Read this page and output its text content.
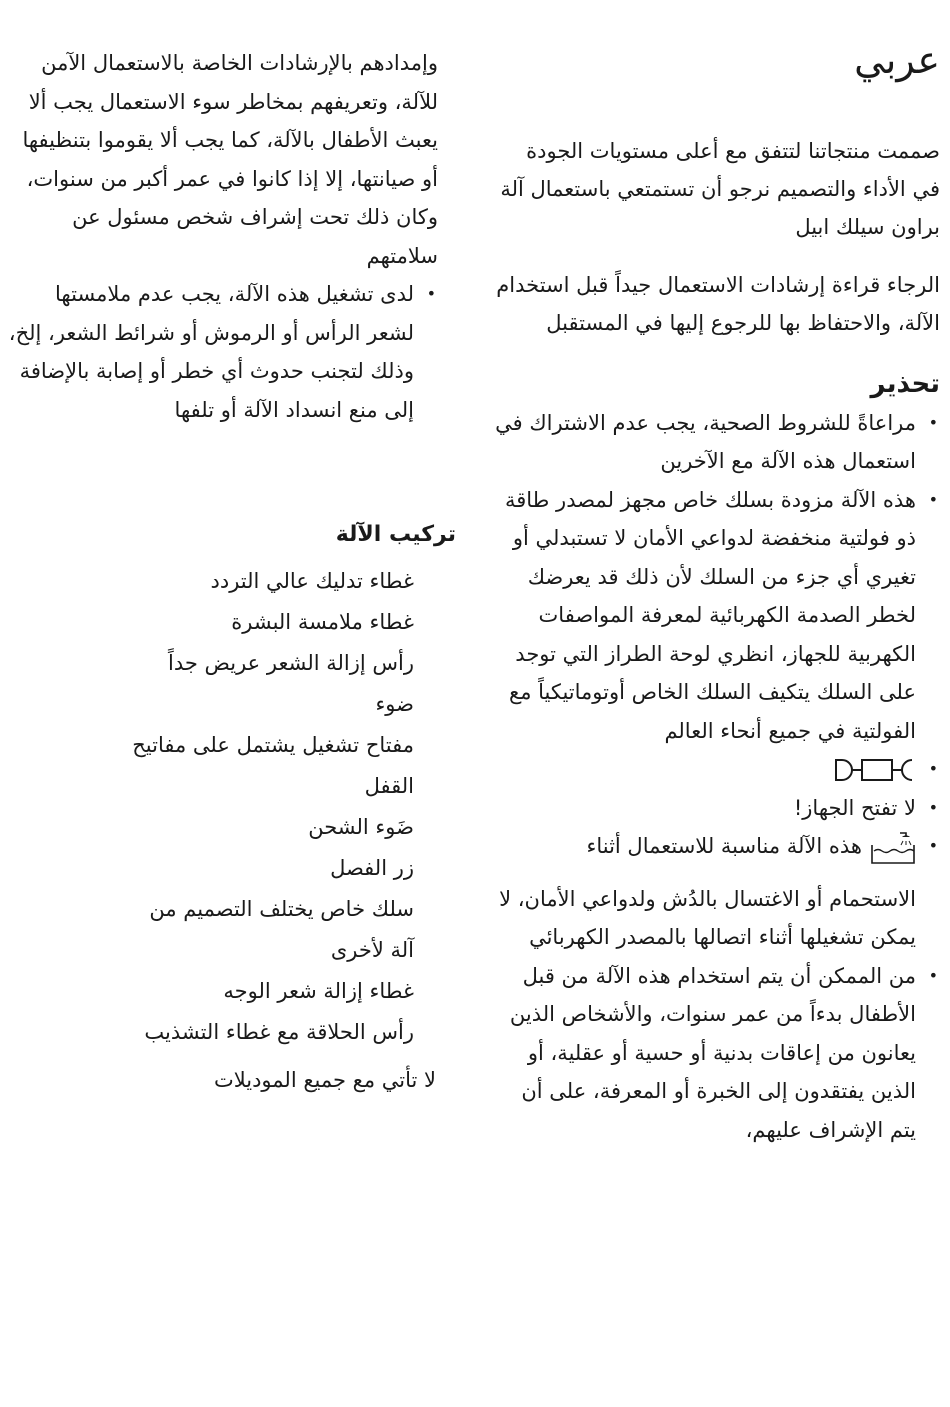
عربي

صممت منتجاتنا لتتفق مع أعلى مستويات الجودة في الأداء والتصميم نرجو أن تستمتعي باستعمال آلة براون سيلك ابيل

الرجاء قراءة إرشادات الاستعمال جيداً قبل استخدام الآلة، والاحتفاظ بها للرجوع إليها في المستقبل

تحذير
•
مراعاةً للشروط الصحية، يجب عدم الاشتراك في استعمال هذه الآلة مع الآخرين
•
هذه الآلة مزودة بسلك خاص مجهز لمصدر طاقة ذو فولتية منخفضة لدواعي الأمان لا تستبدلي أو تغيري أي جزء من السلك لأن ذلك قد يعرضك لخطر الصدمة الكهربائية لمعرفة المواصفات الكهربية للجهاز، انظري لوحة الطراز التي توجد على السلك يتكيف السلك الخاص أوتوماتيكياً مع الفولتية في جميع أنحاء العالم
•
•
لا تفتح الجهاز!
•
هذه الآلة مناسبة للاستعمال أثناء الاستحمام أو الاغتسال بالدُش ولدواعي الأمان، لا يمكن تشغيلها أثناء اتصالها بالمصدر الكهربائي
•
من الممكن أن يتم استخدام هذه الآلة من قبل الأطفال بدءاً من عمر سنوات، والأشخاص الذين يعانون من إعاقات بدنية أو حسية أو عقلية، أو الذين يفتقدون إلى الخبرة أو المعرفة، على أن يتم الإشراف عليهم،

وإمدادهم بالإرشادات الخاصة بالاستعمال الآمن للآلة، وتعريفهم بمخاطر سوء الاستعمال يجب ألا يعبث الأطفال بالآلة، كما يجب ألا يقوموا بتنظيفها أو صيانتها، إلا إذا كانوا في عمر أكبر من سنوات، وكان ذلك تحت إشراف شخص مسئول عن سلامتهم

•
لدى تشغيل هذه الآلة، يجب عدم ملامستها لشعر الرأس أو الرموش أو شرائط الشعر، إلخ، وذلك لتجنب حدوث أي خطر أو إصابة بالإضافة إلى منع انسداد الآلة أو تلفها
تركيب الآلة
غطاء تدليك عالي التردد
غطاء ملامسة البشرة
رأس إزالة الشعر عريض جداً
ضوء
مفتاح تشغيل يشتمل على مفاتيح
القفل
ضَوء الشحن
زر الفصل
سلك خاص يختلف التصميم من
آلة لأخرى
غطاء إزالة شعر الوجه
رأس الحلاقة مع غطاء التشذيب

لا تأتي مع جميع الموديلات
